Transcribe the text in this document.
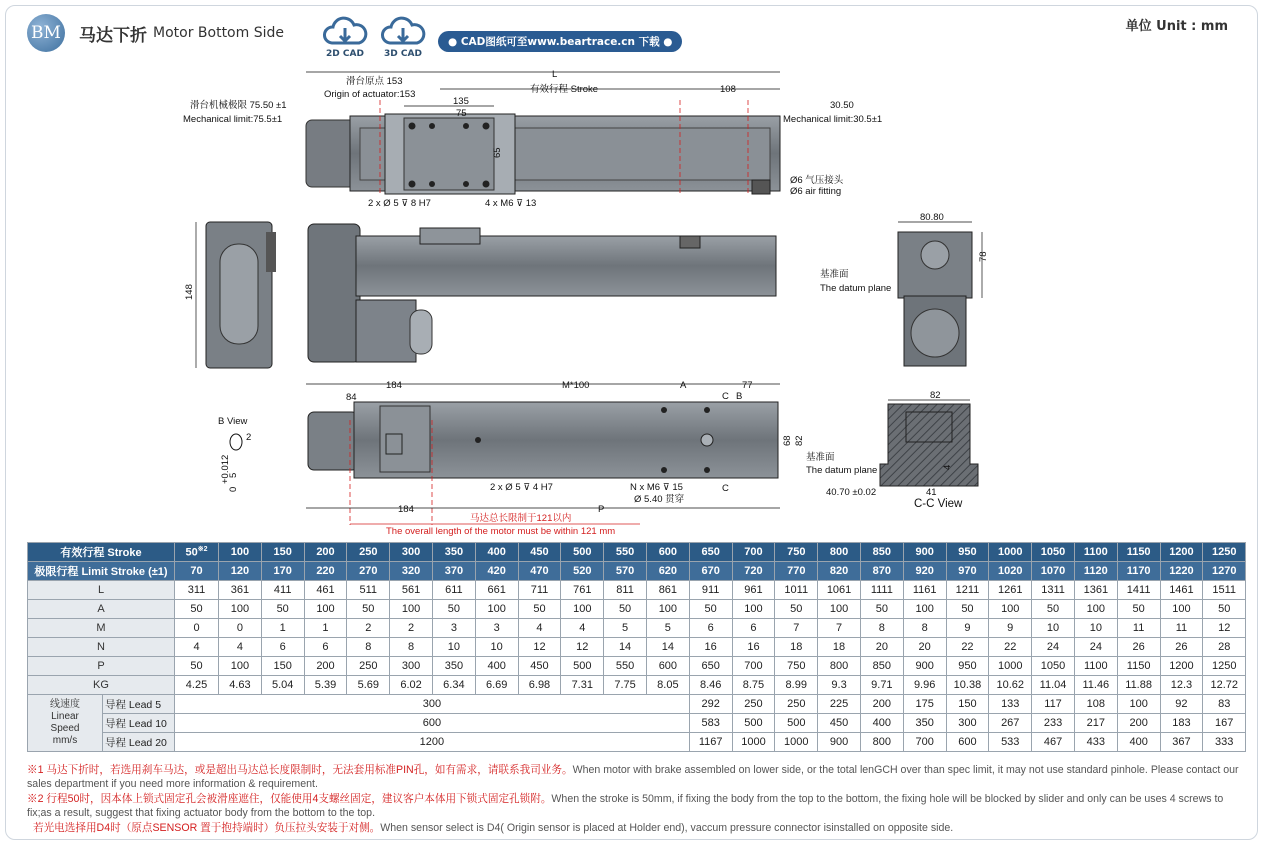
BM 马达下折 Motor Bottom Side
2D CAD	3D CAD
● CAD图纸可至www.beartrace.cn 下载 ●
单位 Unit : mm
L
滑台原点 153
Origin of actuator:153	有效行程 Stroke	108
135
75
65
滑台机械极限 75.50 ±1
Mechanical limit:75.5±1
30.50
Mechanical limit:30.5±1
2 x Ø 5 ⊽ 8 H7	4 x M6 ⊽ 13
Ø6 气压接头
Ø6 air fitting
148
80.80
78
基准面
The datum plane
184	M*100	A	77
84	C B
C
68 82
B View
2
+0.012
5
0	2 x Ø 5 ⊽ 4 H7	N x M6 ⊽ 15
Ø 5.40 贯穿
184	P
马达总长限制于121以内
The overall length of the motor must be within 121 mm
82
4
40.70 ±0.02	41
C-C View
基准面
The datum plane
有效行程 Stroke		50$^{※2}$	100	150	200	250	300	350	400	450	500	550	600	650	700	750	800	850	900	950	1000	1050	1100	1150	1200	1250
极限行程 Limit Stroke (±1)		70	120	170	220	270	320	370	420	470	520	570	620	670	720	770	820	870	920	970	1020	1070	1120	1170	1220	1270
L		311	361	411	461	511	561	611	661	711	761	811	861	911	961	1011	1061	1111	1161	1211	1261	1311	1361	1411	1461	1511
A		50	100	50	100	50	100	50	100	50	100	50	100	50	100	50	100	50	100	50	100	50	100	50	100	50
M		0	0	1	1	2	2	3	3	4	4	5	5	6	6	7	7	8	8	9	9	10	10	11	11	12
N		4	4	6	6	8	8	10	10	12	12	14	14	16	16	18	18	20	20	22	22	24	24	26	26	28
P		50	100	150	200	250	300	350	400	450	500	550	600	650	700	750	800	850	900	950	1000	1050	1100	1150	1200	1250
KG		4.25	4.63	5.04	5.39	5.69	6.02	6.34	6.69	6.98	7.31	7.75	8.05	8.46	8.75	8.99	9.3	9.71	9.96	10.38	10.62	11.04	11.46	11.88	12.3	12.72

线速度
Linear
Speed
mm/s	导程 Lead 5	300												292	250	250	225	200	175	150	133	117	108	100	92	83
	导程 Lead 10	600												583	500	500	450	400	350	300	267	233	217	200	183	167
	导程 Lead 20	1200												1167	1000	1000	900	800	700	600	533	467	433	400	367	333

※1 马达下折时，若选用刹车马达，或是超出马达总长度限制时，无法套用标准PIN孔，如有需求，请联系我司业务。When motor with brake assembled on lower side, or the total lenGCH over than spec limit, it may not use standard pinhole. Please contact our sales department if you need more information & requirement.

※2 行程50时，因本体上锁式固定孔会被滑座遮住，仅能使用4支螺丝固定，建议客户本体用下锁式固定孔锁附。When the stroke is 50mm, if fixing the body from the top to the bottom, the fixing hole will be blocked by slider and only can be uses 4 screws to fix;as a result, suggest that fixing actuator body from the bottom to the top.

若光电选择用D4时（原点SENSOR 置于抱持端时）负压拉头安装于对侧。When sensor select is D4( Origin sensor is placed at Holder end), vaccum pressure connector isinstalled on opposite side.
